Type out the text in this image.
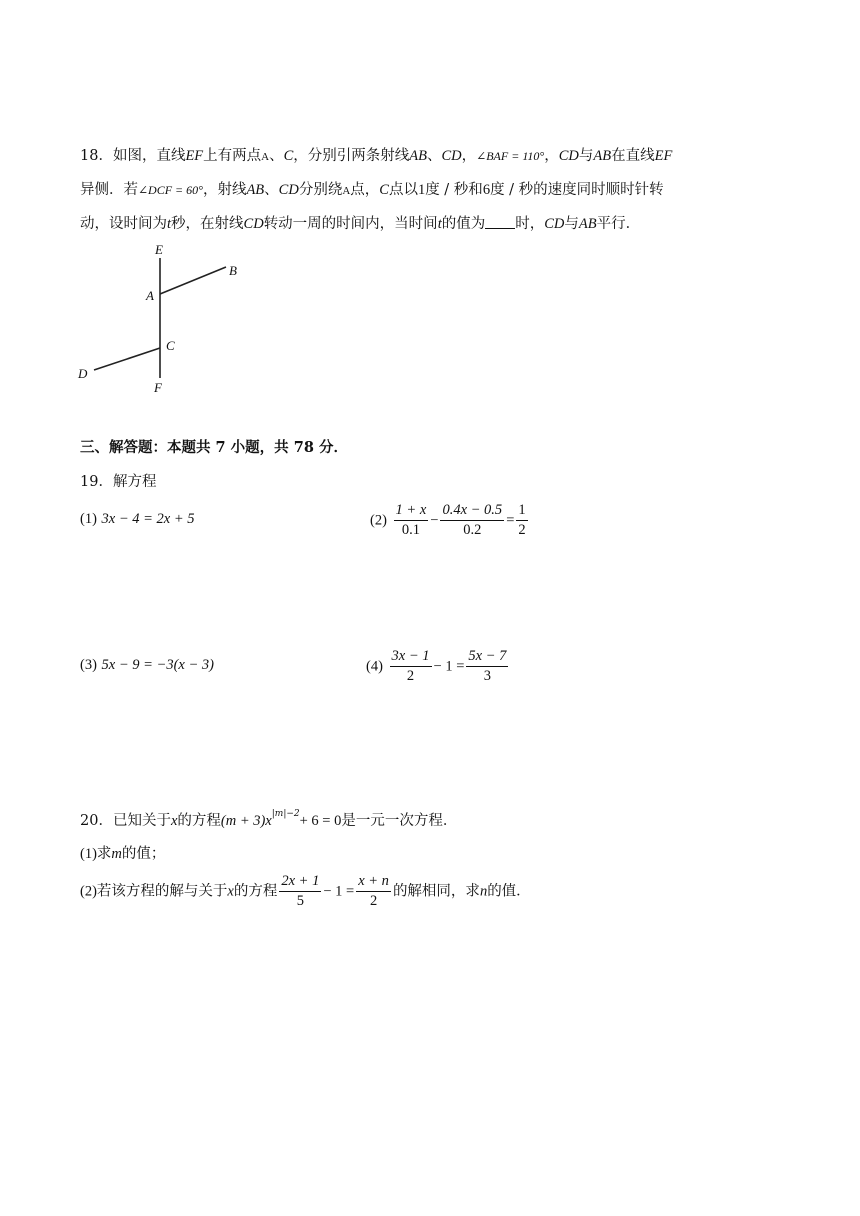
18．如图，直线EF上有两点A、C，分别引两条射线AB、CD，∠BAF = 110°，CD与AB在直线EF
异侧．若∠DCF = 60°，射线AB、CD分别绕A点，C点以1度 / 秒和6度 / 秒的速度同时顺时针转
动，设时间为t秒，在射线CD转动一周的时间内，当时间t的值为 时，CD与AB平行．
E
B
A
C
D
F
三、解答题：本题共 7 小题，共 78 分．
19．解方程
(1) 3x − 4 = 2x + 5	$(2) \frac{1 + x}{0.1} - \frac{0.4x - 0.5}{0.2} = \frac{1}{2}$
(3) 5x − 9 = −3(x − 3)	$(4) \frac{3x - 1}{2} - 1 = \frac{5x - 7}{3}$
20．已知关于x的方程$(m + 3)x^{|m|-2}+ 6 = 0$是一元一次方程．
(1)求m的值；
(2)若该方程的解与关于x的方程 $\frac{2x + 1}{5} - 1 = \frac{x + n}{2}$ 的解相同，求n的值．
